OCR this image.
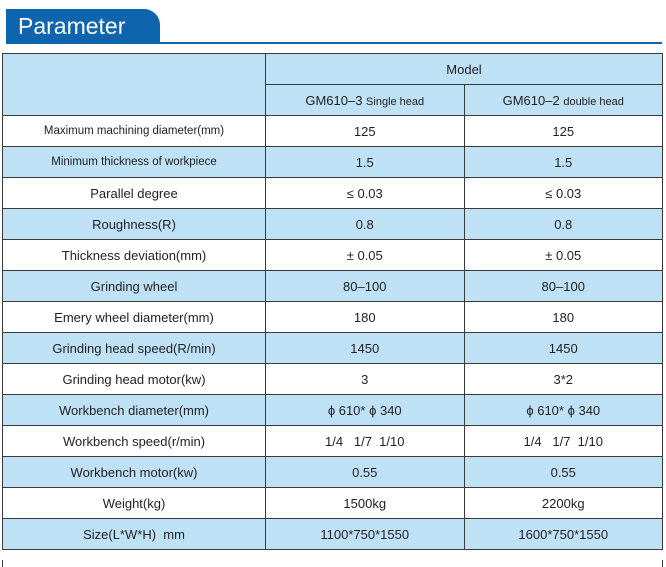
Parameter
	Model	
	GM610–3 Single head	GM610–2 double head
Maximum machining diameter(mm)	125	125
Minimum thickness of workpiece	1.5	1.5
Parallel degree	≤ 0.03	≤ 0.03
Roughness(R)	0.8	0.8
Thickness deviation(mm)	± 0.05	± 0.05
Grinding wheel	80–100	80–100
Emery wheel diameter(mm)	180	180
Grinding head speed(R/min)	1450	1450
Grinding head motor(kw)	3	3*2
Workbench diameter(mm)	ϕ 610* ϕ 340	ϕ 610* ϕ 340
Workbench speed(r/min)	1/4   1/7  1/10	1/4   1/7  1/10
Workbench motor(kw)	0.55	0.55
Weight(kg)	1500kg	2200kg
Size(L*W*H)  mm	1100*750*1550	1600*750*1550
